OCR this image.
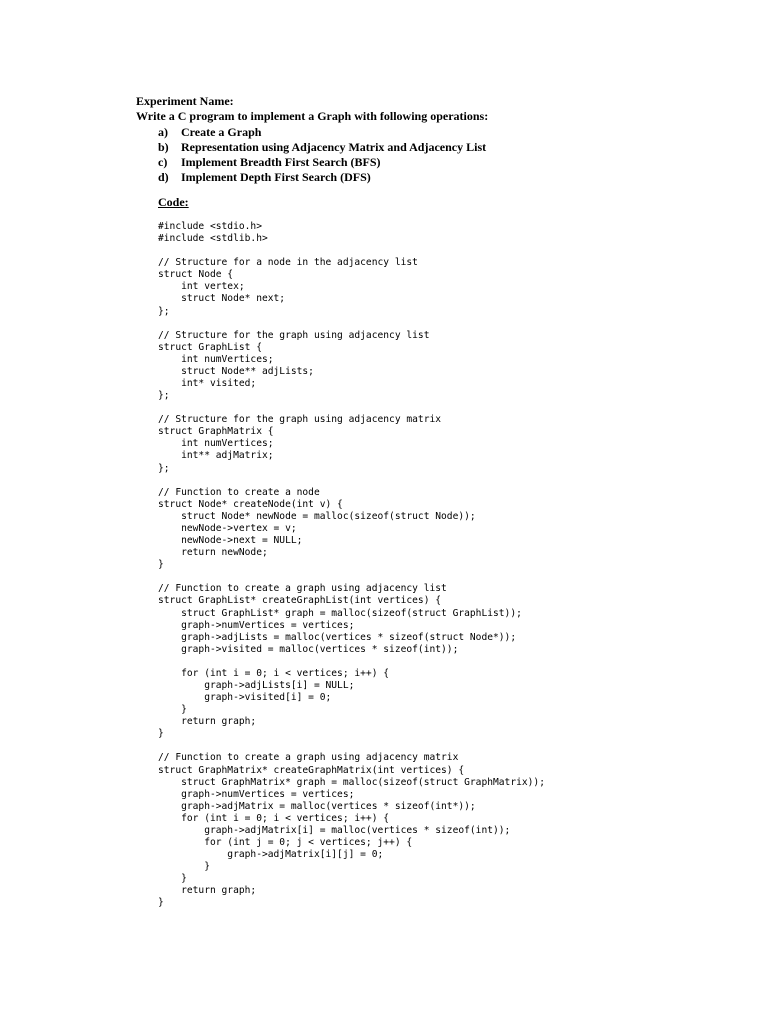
Experiment Name:
Write a C program to implement a Graph with following operations:
a) Create a Graph
b) Representation using Adjacency Matrix and Adjacency List
c) Implement Breadth First Search (BFS)
d) Implement Depth First Search (DFS)
Code:
#include <stdio.h>
#include <stdlib.h>
// Structure for a node in the adjacency list
struct Node {
int vertex;
struct Node* next;
};
// Structure for the graph using adjacency list
struct GraphList {
int numVertices;
struct Node** adjLists;
int* visited;
};
// Structure for the graph using adjacency matrix
struct GraphMatrix {
int numVertices;
int** adjMatrix;
};
// Function to create a node
struct Node* createNode(int v) {
struct Node* newNode = malloc(sizeof(struct Node));
newNode->vertex = v;
newNode->next = NULL;
return newNode;
}
// Function to create a graph using adjacency list
struct GraphList* createGraphList(int vertices) {
struct GraphList* graph = malloc(sizeof(struct GraphList));
graph->numVertices = vertices;
graph->adjLists = malloc(vertices * sizeof(struct Node*));
graph->visited = malloc(vertices * sizeof(int));
for (int i = 0; i < vertices; i++) {
graph->adjLists[i] = NULL;
graph->visited[i] = 0;
}
return graph;
}
// Function to create a graph using adjacency matrix
struct GraphMatrix* createGraphMatrix(int vertices) {
struct GraphMatrix* graph = malloc(sizeof(struct GraphMatrix));
graph->numVertices = vertices;
graph->adjMatrix = malloc(vertices * sizeof(int*));
for (int i = 0; i < vertices; i++) {
graph->adjMatrix[i] = malloc(vertices * sizeof(int));
for (int j = 0; j < vertices; j++) {
graph->adjMatrix[i][j] = 0;
}
}
return graph;
}
